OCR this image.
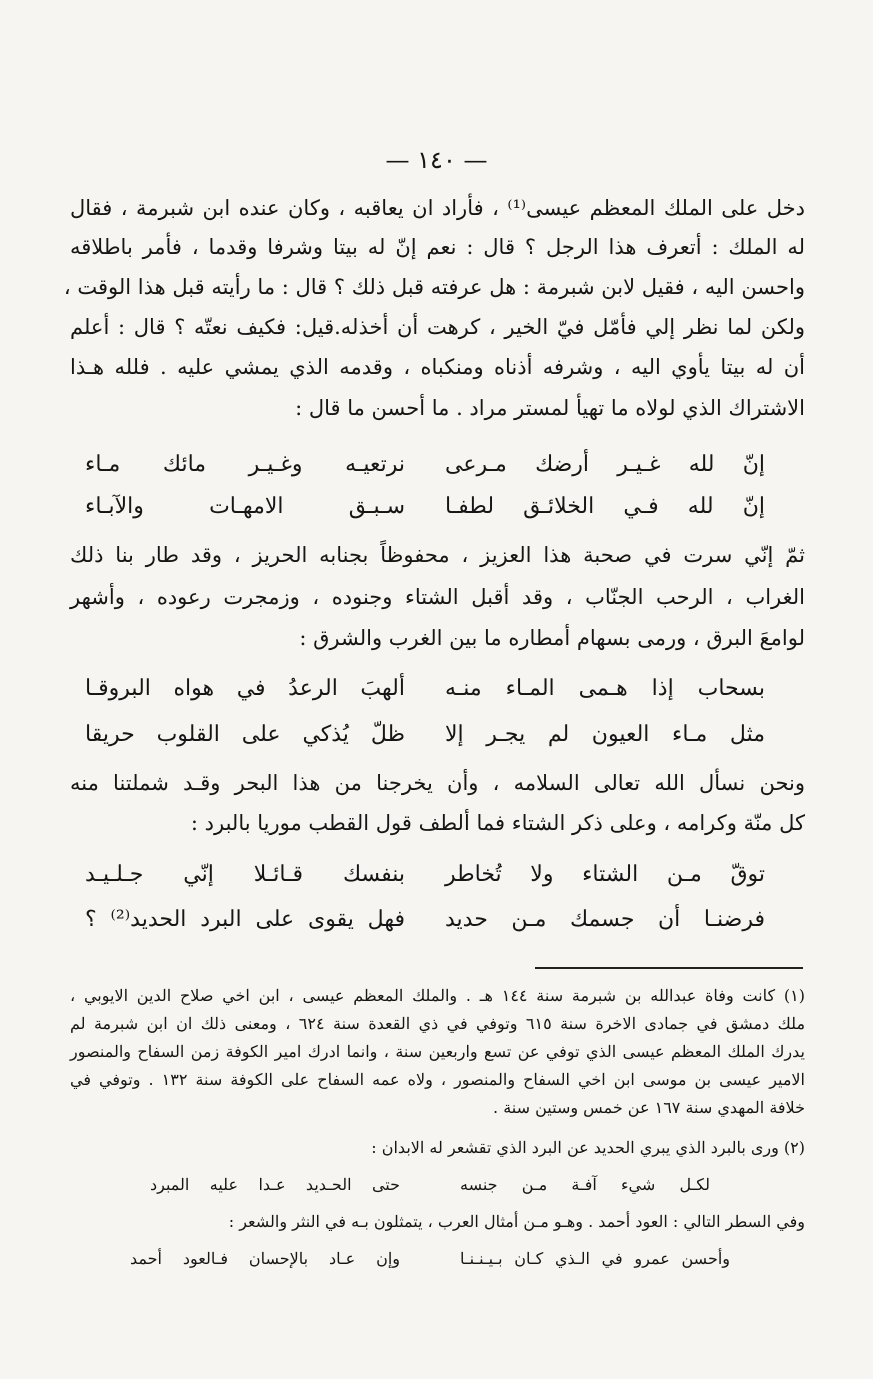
— ١٤٠ —
دخل على الملك المعظم عيسى⁽¹⁾ ، فأراد ان يعاقبه ، وكان عنده ابن شبرمة ، فقال
له الملك : أتعرف هذا الرجل ؟ قال : نعم إنّ له بيتا وشرفا وقدما ، فأمر باطلاقه
واحسن اليه ، فقيل لابن شبرمة : هل عرفته قبل ذلك ؟ قال : ما رأيته قبل هذا الوقت ،
ولكن لما نظر إلي فأمّل فيّ الخير ، كرهت أن أخذله.قيل: فكيف نعتّه ؟ قال : أعلم
أن له بيتا يأوي اليه ، وشرفه أذناه ومنكباه ، وقدمه الذي يمشي عليه . فلله هـذا
الاشتراك الذي لولاه ما تهيأ لمستر مراد . ما أحسن ما قال :
إنّ لله غـيـر أرضك مـرعى
نرتعيـه وغـيـر مائك مـاء
إنّ لله فـي الخلائـق لطفـا
سـبـق الامهـات والآبـاء
ثمّ إنّي سرت في صحبة هذا العزيز ، محفوظاً بجنابه الحريز ، وقد طار بنا ذلك
الغراب ، الرحب الجنّاب ، وقد أقبل الشتاء وجنوده ، وزمجرت رعوده ، وأشهر
لوامعَ البرق ، ورمى بسهام أمطاره ما بين الغرب والشرق :
بسحاب إذا هـمى المـاء منـه
ألهبَ الرعدُ في هواه البروقـا
مثل مـاء العيون لم يجـر إلا
ظلّ يُذكي على القلوب حريقا
ونحن نسأل الله تعالى السلامه ، وأن يخرجنا من هذا البحر وقـد شملتنا منه
كل منّة وكرامه ، وعلى ذكر الشتاء فما ألطف قول القطب موريا بالبرد :
توقّ مـن الشتاء ولا تُخاطر
بنفسك قـائـلا إنّي جـلـيـد
فرضنـا أن جسمك مـن حديد
فهل يقوى على البرد الحديد⁽²⁾ ؟
(١) كانت وفاة عبدالله بن شبرمة سنة ١٤٤ هـ . والملك المعظم عيسى ، ابن اخي صلاح الدين الايوبي ،
ملك دمشق في جمادى الاخرة سنة ٦١٥ وتوفي في ذي القعدة سنة ٦٢٤ ، ومعنى ذلك ان ابن شبرمة لم
يدرك الملك المعظم عيسى الذي توفي عن تسع واربعين سنة ، وانما ادرك امير الكوفة زمن السفاح والمنصور
الامير عيسى بن موسى ابن اخي السفاح والمنصور ، ولاه عمه السفاح على الكوفة سنة ١٣٢ . وتوفي في
خلافة المهدي سنة ١٦٧ عن خمس وستين سنة .
(٢) ورى بالبرد الذي يبري الحديد عن البرد الذي تقشعر له الابدان :
لكـل شيء آفـة مـن جنسه
حتى الحـديد عـدا عليه المبرد
وفي السطر التالي : العود أحمد . وهـو مـن أمثال العرب ، يتمثلون بـه في النثر والشعر :
وأحسن عمرو في الـذي كـان بـيـنـنـا
وإن عـاد بالإحسان فـالعود أحمد
